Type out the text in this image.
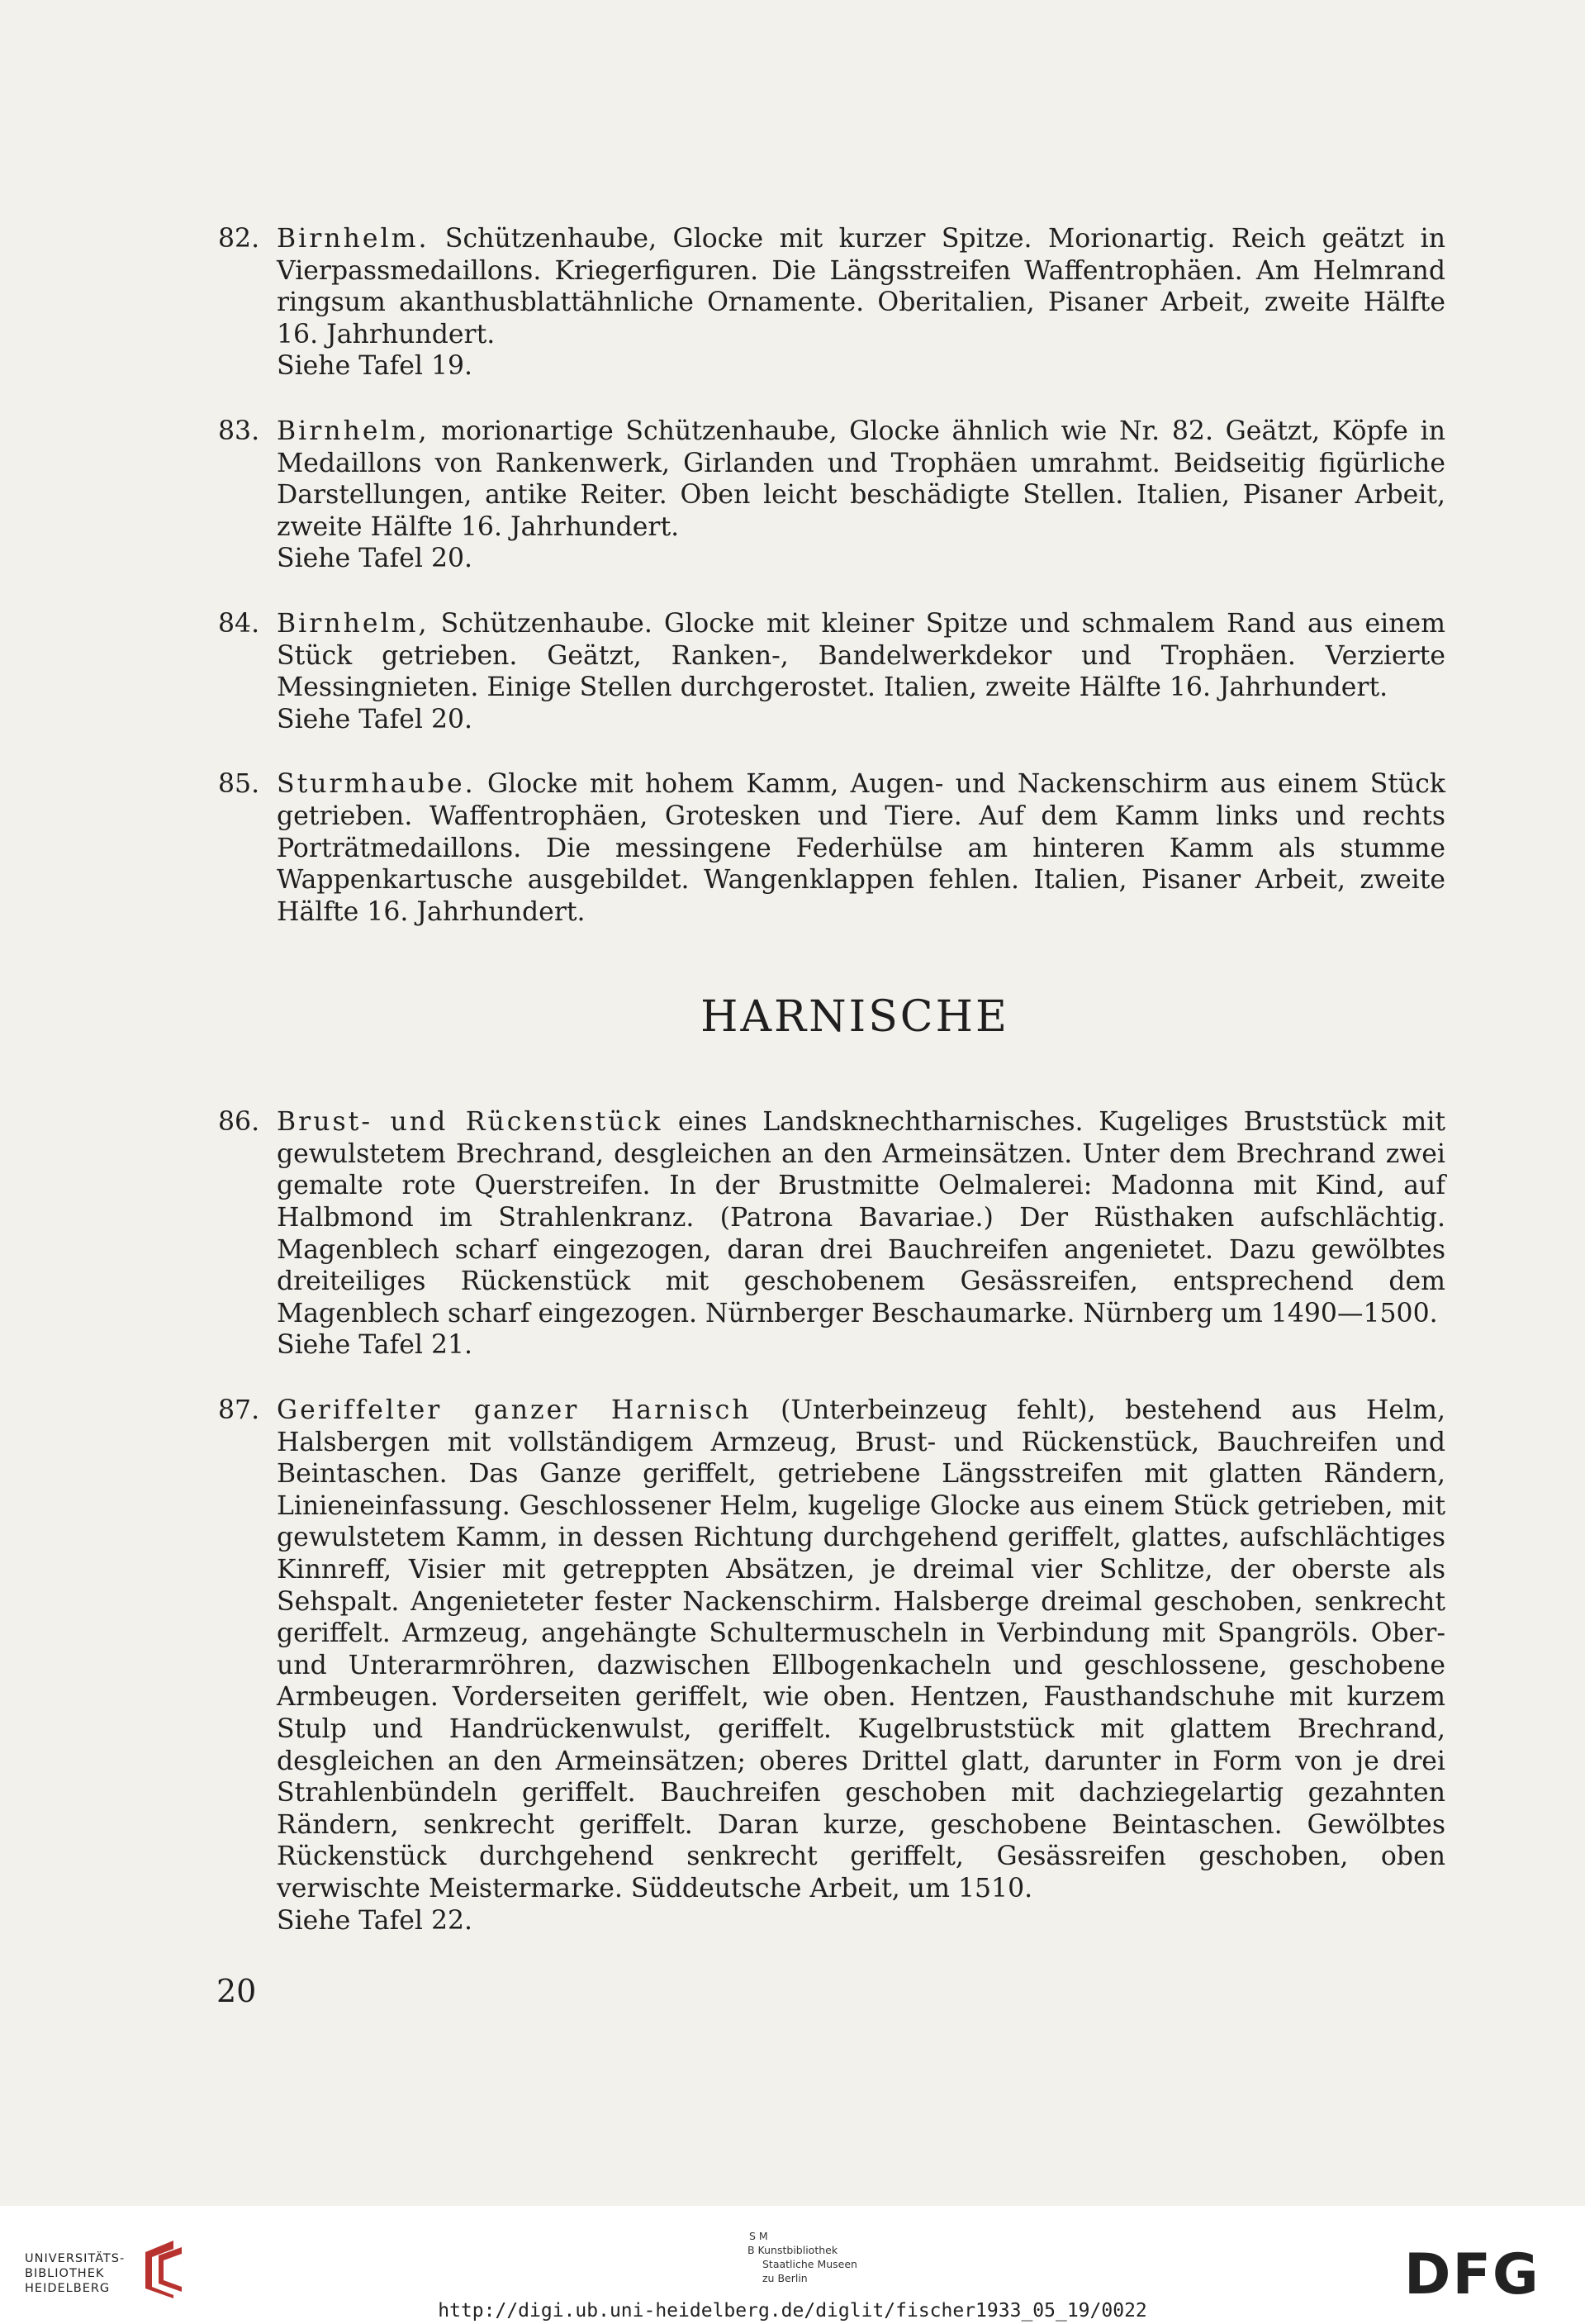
82. Birnhelm. Schützenhaube, Glocke mit kurzer Spitze. Morionartig. Reich geätzt in Vierpassmedaillons. Kriegerfiguren. Die Längsstreifen Waffentrophäen. Am Helmrand ringsum akanthusblattähnliche Ornamente. Oberitalien, Pisaner Arbeit, zweite Hälfte 16. Jahrhundert.
Siehe Tafel 19.
83. Birnhelm, morionartige Schützenhaube, Glocke ähnlich wie Nr. 82. Geätzt, Köpfe in Medaillons von Rankenwerk, Girlanden und Trophäen umrahmt. Beidseitig figürliche Darstellungen, antike Reiter. Oben leicht beschädigte Stellen. Italien, Pisaner Arbeit, zweite Hälfte 16. Jahrhundert.
Siehe Tafel 20.
84. Birnhelm, Schützenhaube. Glocke mit kleiner Spitze und schmalem Rand aus einem Stück getrieben. Geätzt, Ranken-, Bandelwerkdekor und Trophäen. Verzierte Messingnieten. Einige Stellen durchgerostet. Italien, zweite Hälfte 16. Jahrhundert.
Siehe Tafel 20.
85. Sturmhaube. Glocke mit hohem Kamm, Augen- und Nackenschirm aus einem Stück getrieben. Waffentrophäen, Grotesken und Tiere. Auf dem Kamm links und rechts Porträtmedaillons. Die messingene Federhülse am hinteren Kamm als stumme Wappenkartusche ausgebildet. Wangenklappen fehlen. Italien, Pisaner Arbeit, zweite Hälfte 16. Jahrhundert.
HARNISCHE
86. Brust- und Rückenstück eines Landsknechtharnisches. Kugeliges Bruststück mit gewulstetem Brechrand, desgleichen an den Armeinsätzen. Unter dem Brechrand zwei gemalte rote Querstreifen. In der Brustmitte Oelmalerei: Madonna mit Kind, auf Halbmond im Strahlenkranz. (Patrona Bavariae.) Der Rüsthaken aufschlächtig. Magenblech scharf eingezogen, daran drei Bauchreifen angenietet. Dazu gewölbtes dreiteiliges Rückenstück mit geschobenem Gesässreifen, entsprechend dem Magenblech scharf eingezogen. Nürnberger Beschaumarke. Nürnberg um 1490—1500.
Siehe Tafel 21.
87. Geriffelter ganzer Harnisch (Unterbeinzeug fehlt), bestehend aus Helm, Halsbergen mit vollständigem Armzeug, Brust- und Rückenstück, Bauchreifen und Beintaschen. Das Ganze geriffelt, getriebene Längsstreifen mit glatten Rändern, Linieneinfassung. Geschlossener Helm, kugelige Glocke aus einem Stück getrieben, mit gewulstetem Kamm, in dessen Richtung durchgehend geriffelt, glattes, aufschlächtiges Kinnreff, Visier mit getreppten Absätzen, je dreimal vier Schlitze, der oberste als Sehspalt. Angenieteter fester Nackenschirm. Halsberge dreimal geschoben, senkrecht geriffelt. Armzeug, angehängte Schultermuscheln in Verbindung mit Spangröls. Ober- und Unterarmröhren, dazwischen Ellbogenkacheln und geschlossene, geschobene Armbeugen. Vorderseiten geriffelt, wie oben. Hentzen, Fausthandschuhe mit kurzem Stulp und Handrückenwulst, geriffelt. Kugelbruststück mit glattem Brechrand, desgleichen an den Armeinsätzen; oberes Drittel glatt, darunter in Form von je drei Strahlenbündeln geriffelt. Bauchreifen geschoben mit dachziegelartig gezahnten Rändern, senkrecht geriffelt. Daran kurze, geschobene Beintaschen. Gewölbtes Rückenstück durchgehend senkrecht geriffelt, Gesässreifen geschoben, oben verwischte Meistermarke. Süddeutsche Arbeit, um 1510.
Siehe Tafel 22.
20
UNIVERSITÄTS-
BIBLIOTHEK
HEIDELBERG
S M
B Kunstbibliothek
Staatliche Museen
zu Berlin	DFG
http://digi.ub.uni-heidelberg.de/diglit/fischer1933_05_19/0022
